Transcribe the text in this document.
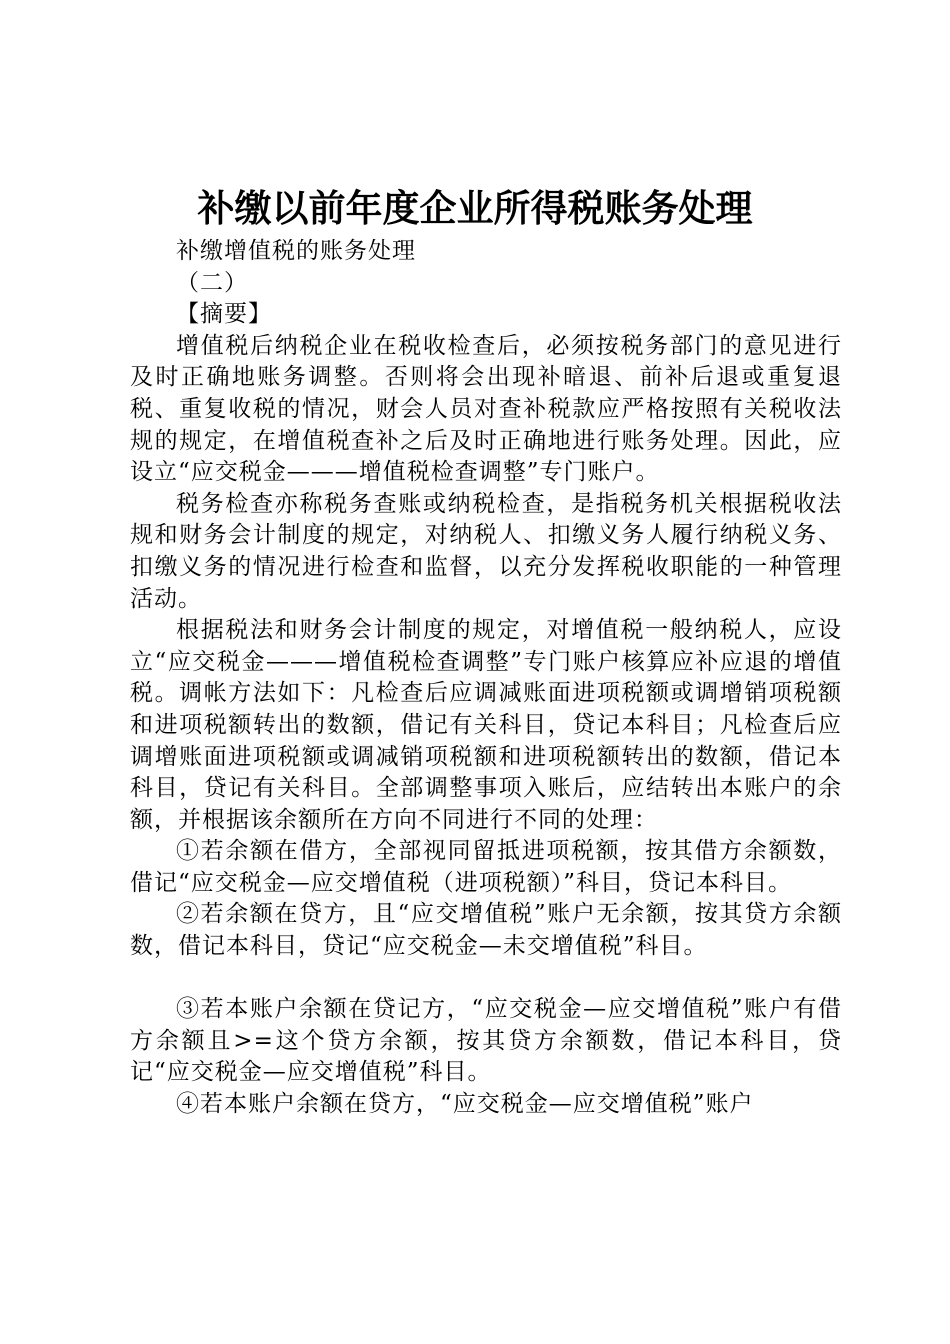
补缴以前年度企业所得税账务处理

补缴增值税的账务处理

（二）

【摘要】

增值税后纳税企业在税收检查后，必须按税务部门的意见进行及时正确地账务调整。否则将会出现补暗退、前补后退或重复退税、重复收税的情况，财会人员对查补税款应严格按照有关税收法规的规定，在增值税查补之后及时正确地进行账务处理。因此，应设立“应交税金———增值税检查调整”专门账户。

税务检查亦称税务查账或纳税检查，是指税务机关根据税收法规和财务会计制度的规定，对纳税人、扣缴义务人履行纳税义务、扣缴义务的情况进行检查和监督，以充分发挥税收职能的一种管理活动。

根据税法和财务会计制度的规定，对增值税一般纳税人，应设立“应交税金———增值税检查调整”专门账户核算应补应退的增值税。调帐方法如下：凡检查后应调减账面进项税额或调增销项税额和进项税额转出的数额，借记有关科目，贷记本科目；凡检查后应调增账面进项税额或调减销项税额和进项税额转出的数额，借记本科目，贷记有关科目。全部调整事项入账后，应结转出本账户的余额，并根据该余额所在方向不同进行不同的处理：

①若余额在借方，全部视同留抵进项税额，按其借方余额数，借记“应交税金—应交增值税（进项税额）”科目，贷记本科目。

②若余额在贷方，且“应交增值税”账户无余额，按其贷方余额数，借记本科目，贷记“应交税金—未交增值税”科目。

③若本账户余额在贷记方，“应交税金—应交增值税”账户有借方余额且>=这个贷方余额，按其贷方余额数，借记本科目，贷记“应交税金—应交增值税”科目。

④若本账户余额在贷方，“应交税金—应交增值税”账户
